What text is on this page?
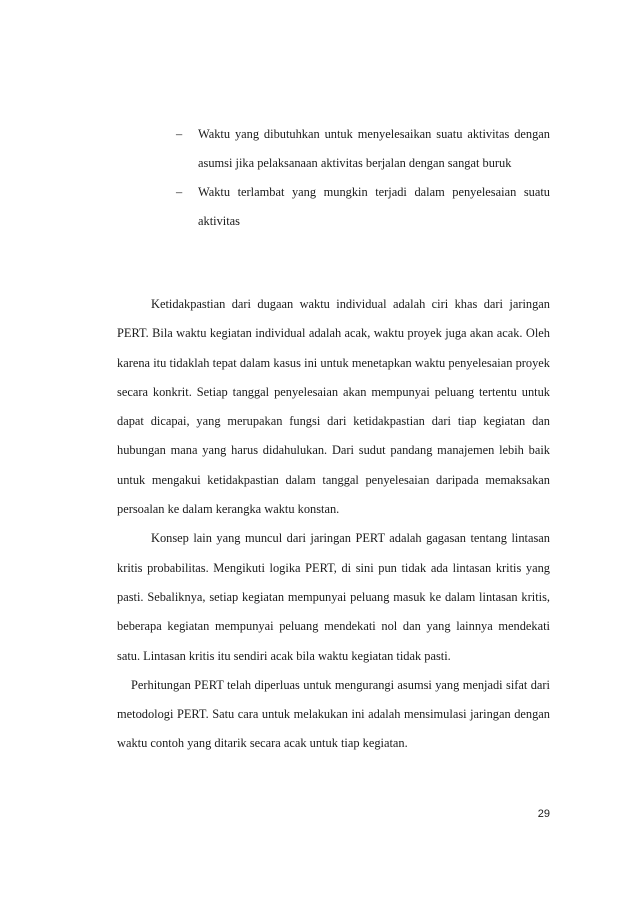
– Waktu yang dibutuhkan untuk menyelesaikan suatu aktivitas dengan asumsi jika pelaksanaan aktivitas berjalan dengan sangat buruk
– Waktu terlambat yang mungkin terjadi dalam penyelesaian suatu aktivitas

Ketidakpastian dari dugaan waktu individual adalah ciri khas dari jaringan PERT. Bila waktu kegiatan individual adalah acak, waktu proyek juga akan acak. Oleh karena itu tidaklah tepat dalam kasus ini untuk menetapkan waktu penyelesaian proyek secara konkrit. Setiap tanggal penyelesaian akan mempunyai peluang tertentu untuk dapat dicapai, yang merupakan fungsi dari ketidakpastian dari tiap kegiatan dan hubungan mana yang harus didahulukan. Dari sudut pandang manajemen lebih baik untuk mengakui ketidakpastian dalam tanggal penyelesaian daripada memaksakan persoalan ke dalam kerangka waktu konstan.

Konsep lain yang muncul dari jaringan PERT adalah gagasan tentang lintasan kritis probabilitas. Mengikuti logika PERT, di sini pun tidak ada lintasan kritis yang pasti. Sebaliknya, setiap kegiatan mempunyai peluang masuk ke dalam lintasan kritis, beberapa kegiatan mempunyai peluang mendekati nol dan yang lainnya mendekati satu. Lintasan kritis itu sendiri acak bila waktu kegiatan tidak pasti.

Perhitungan PERT telah diperluas untuk mengurangi asumsi yang menjadi sifat dari metodologi PERT. Satu cara untuk melakukan ini adalah mensimulasi jaringan dengan waktu contoh yang ditarik secara acak untuk tiap kegiatan.

29
